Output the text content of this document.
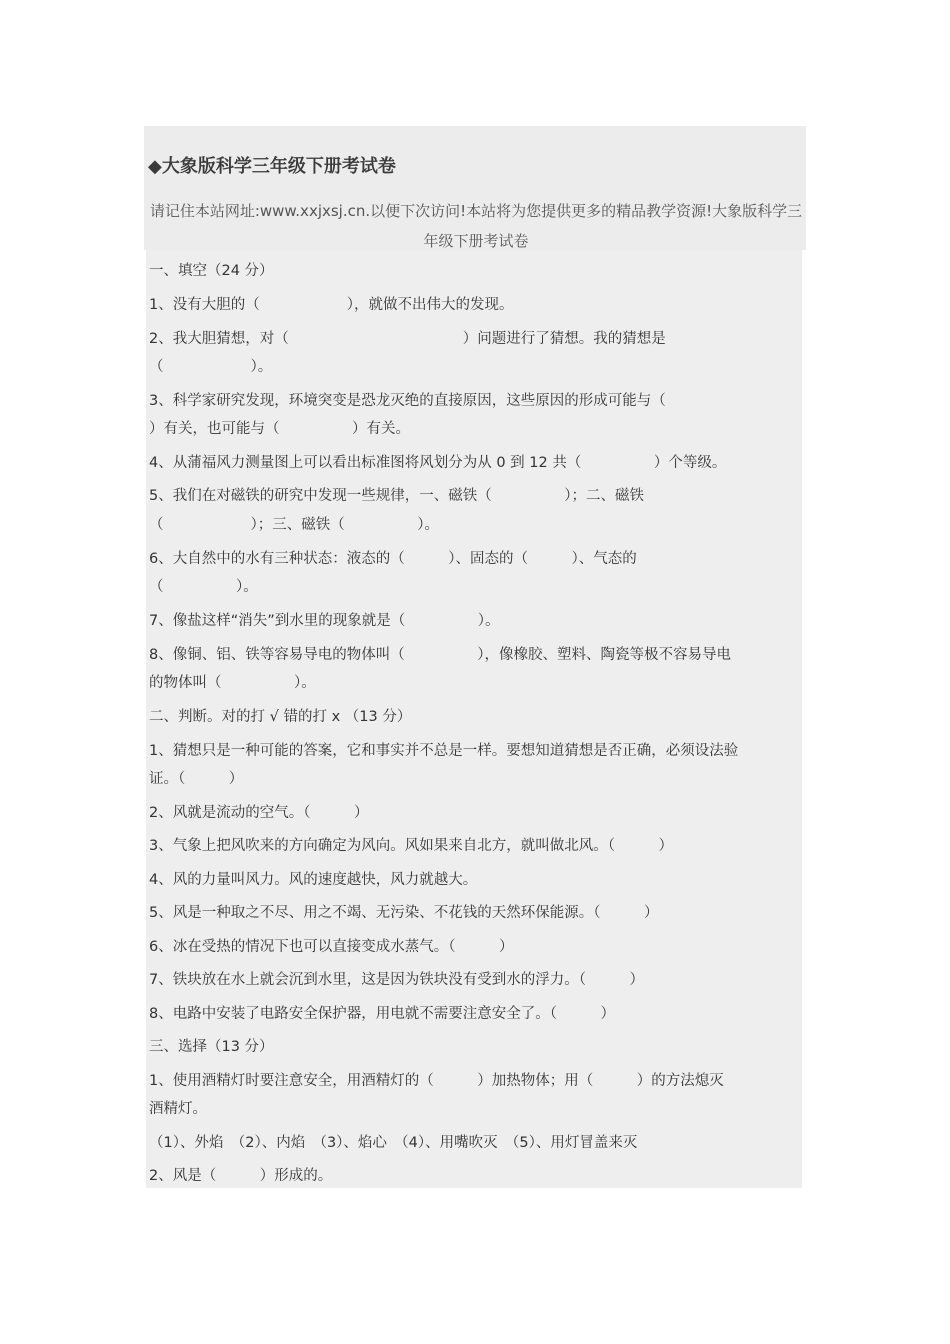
◆大象版科学三年级下册考试卷
请记住本站网址:www.xxjxsj.cn.以便下次访问!本站将为您提供更多的精品教学资源!大象版科学三年级下册考试卷
一、填空（24 分）
1、没有大胆的（　　　　　　），就做不出伟大的发现。
2、我大胆猜想，对（　　　　　　　　　　　　）问题进行了猜想。我的猜想是
（　　　　　　）。
3、科学家研究发现，环境突变是恐龙灭绝的直接原因，这些原因的形成可能与（
）有关，也可能与（　　　　　）有关。
4、从蒲福风力测量图上可以看出标准图将风划分为从 0 到 12 共（　　　　　）个等级。
5、我们在对磁铁的研究中发现一些规律，一、磁铁（　　　　　）；二、磁铁
（　　　　　　）；三、磁铁（　　　　　）。
6、大自然中的水有三种状态：液态的（　　　）、固态的（　　　）、气态的
（　　　　　）。
7、像盐这样“消失”到水里的现象就是（　　　　　）。
8、像铜、铝、铁等容易导电的物体叫（　　　　　），像橡胶、塑料、陶瓷等极不容易导电
的物体叫（　　　　　）。
二、判断。对的打 √ 错的打 x （13 分）
1、猜想只是一种可能的答案，它和事实并不总是一样。要想知道猜想是否正确，必须设法验
证。（　　　）
2、风就是流动的空气。（　　　）
3、气象上把风吹来的方向确定为风向。风如果来自北方，就叫做北风。（　　　）
4、风的力量叫风力。风的速度越快，风力就越大。
5、风是一种取之不尽、用之不竭、无污染、不花钱的天然环保能源。（　　　）
6、冰在受热的情况下也可以直接变成水蒸气。（　　　）
7、铁块放在水上就会沉到水里，这是因为铁块没有受到水的浮力。（　　　）
8、电路中安装了电路安全保护器，用电就不需要注意安全了。（　　　）
三、选择（13 分）
1、使用酒精灯时要注意安全，用酒精灯的（　　　）加热物体；用（　　　）的方法熄灭
酒精灯。
（1）、外焰　（2）、内焰　（3）、焰心　（4）、用嘴吹灭　（5）、用灯冒盖来灭
2、风是（　　　）形成的。
